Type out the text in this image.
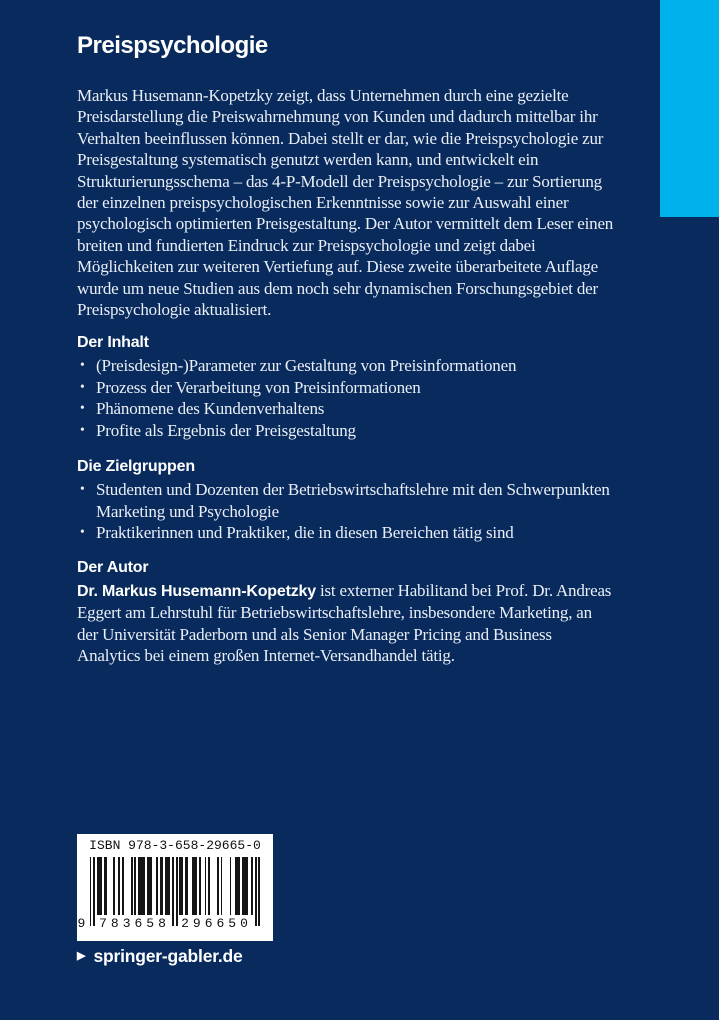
Preispsychologie

Markus Husemann-Kopetzky zeigt, dass Unternehmen durch eine gezielte Preisdarstellung die Preiswahrnehmung von Kunden und dadurch mittelbar ihr Verhalten beeinflussen können. Dabei stellt er dar, wie die Preispsychologie zur Preisgestaltung systematisch genutzt werden kann, und entwickelt ein Strukturierungsschema – das 4-P-Modell der Preispsychologie – zur Sortierung der einzelnen preispsychologischen Erkenntnisse sowie zur Auswahl einer psychologisch optimierten Preisgestaltung. Der Autor vermittelt dem Leser einen breiten und fundierten Eindruck zur Preispsychologie und zeigt dabei Möglichkeiten zur weiteren Vertiefung auf. Diese zweite überarbeitete Auflage wurde um neue Studien aus dem noch sehr dynamischen Forschungsgebiet der Preispsychologie aktualisiert.

Der Inhalt
• (Preisdesign-)Parameter zur Gestaltung von Preisinformationen
• Prozess der Verarbeitung von Preisinformationen
• Phänomene des Kundenverhaltens
• Profite als Ergebnis der Preisgestaltung
Die Zielgruppen
• Studenten und Dozenten der Betriebswirtschaftslehre mit den Schwerpunkten Marketing und Psychologie
• Praktikerinnen und Praktiker, die in diesen Bereichen tätig sind
Der Autor

Dr. Markus Husemann-Kopetzky ist externer Habilitand bei Prof. Dr. Andreas Eggert am Lehrstuhl für Betriebswirtschaftslehre, insbesondere Marketing, an der Universität Paderborn und als Senior Manager Pricing and Business Analytics bei einem großen Internet-Versandhandel tätig.

ISBN 978-3-658-29665-0
9 783658 296650
▶ springer-gabler.de
